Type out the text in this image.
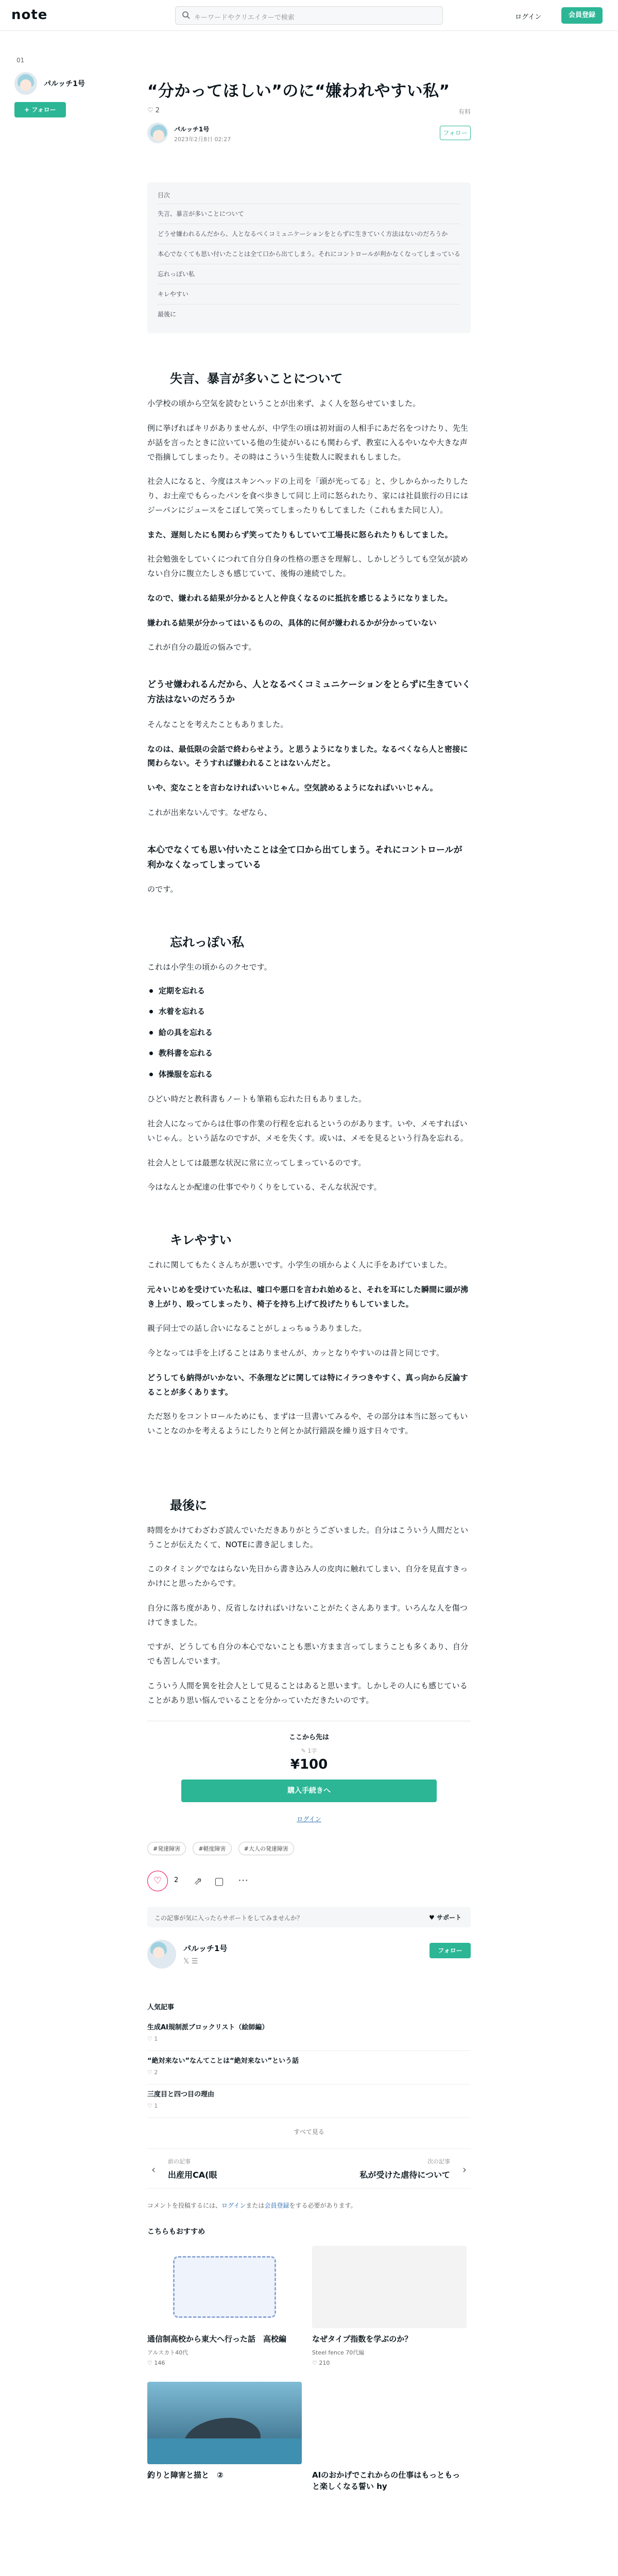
note	キーワードやクリエイターで検索	ログイン	会員登録
01
パルッチ1号
+ フォロー
“分かってほしい”のに“嫌われやすい私”
♡ 2	有料
パルッチ1号
2023年2月8日 02:27
フォロー
目次
失言、暴言が多いことについて
どうせ嫌われるんだから、人となるべくコミュニケーションをとらずに生きていく方法はないのだろうか
本心でなくても思い付いたことは全て口から出てしまう。それにコントロールが利かなくなってしまっている
忘れっぽい私
キレやすい
最後に
失言、暴言が多いことについて

小学校の頃から空気を読むということが出来ず、よく人を怒らせていました。

例に挙げればキリがありませんが、中学生の頃は初対面の人相手にあだ名をつけたり、先生が話を言ったときに泣いている他の生徒がいるにも関わらず、教室に入るやいなや大きな声で指摘してしまったり。その時はこういう生徒数人に睨まれもしました。

社会人になると、今度はスキンヘッドの上司を「頭が光ってる」と、少しからかったりしたり、お土産でもらったパンを食べ歩きして同じ上司に怒られたり、家には社員旅行の日にはジーパンにジュースをこぼして笑ってしまったりもしてました（これもまた同じ人）。

また、遅刻したにも関わらず笑ってたりもしていて工場長に怒られたりもしてました。

社会勉強をしていくにつれて自分自身の性格の悪さを理解し、しかしどうしても空気が読めない自分に腹立たしさも感じていて、後悔の連続でした。

なので、嫌われる結果が分かると人と仲良くなるのに抵抗を感じるようになりました。

嫌われる結果が分かってはいるものの、具体的に何が嫌われるかが分かっていない

これが自分の最近の悩みです。

どうせ嫌われるんだから、人となるべくコミュニケーションをとらずに生きていく方法はないのだろうか

そんなことを考えたこともありました。

なのは、最低限の会話で終わらせよう。と思うようになりました。なるべくなら人と密接に関わらない。そうすれば嫌われることはないんだと。

いや、変なことを言わなければいいじゃん。空気読めるようになればいいじゃん。

これが出来ないんです。なぜなら、

本心でなくても思い付いたことは全て口から出てしまう。それにコントロールが利かなくなってしまっている

のです。

忘れっぽい私

これは小学生の頃からのクセです。

定期を忘れる
水着を忘れる
給の具を忘れる
教科書を忘れる
体操服を忘れる

ひどい時だと教科書もノートも筆箱も忘れた日もありました。

社会人になってからは仕事の作業の行程を忘れるというのがあります。いや、メモすればいいじゃん。という話なのですが、メモを失くす。或いは、メモを見るという行為を忘れる。

社会人としては最悪な状況に常に立ってしまっているのです。

今はなんとか配達の仕事でやりくりをしている、そんな状況です。

キレやすい

これに関してもたくさんちが悪いです。小学生の頃からよく人に手をあげていました。

元々いじめを受けていた私は、嘘口や悪口を言われ始めると、それを耳にした瞬間に頭が沸き上がり、殴ってしまったり、椅子を持ち上げて投げたりもしていました。

親子同士での話し合いになることがしょっちゅうありました。

今となっては手を上げることはありませんが、カッとなりやすいのは昔と同じです。

どうしても納得がいかない、不条理などに関しては特にイラつきやすく、真っ向から反論することが多くあります。

ただ怒りをコントロールためにも、まずは一旦書いてみるや、その部分は本当に怒ってもいいことなのかを考えるようにしたりと何とか試行錯誤を繰り返す日々です。

最後に

時間をかけてわざわざ読んでいただきありがとうございました。自分はこういう人間だということが伝えたくて、NOTEに書き記しました。

このタイミングでなはらない先日から書き込み人の皮肉に触れてしまい、自分を見直すきっかけにと思ったからです。

自分に落ち度があり、反省しなければいけないことがたくさんあります。いろんな人を傷つけてきました。

ですが、どうしても自分の本心でないことも悪い方まま言ってしまうことも多くあり、自分でも苦しんでいます。

こういう人間を異を社会人として見ることはあると思います。しかしその人にも感じていることがあり思い悩んでいることを分かっていただきたいのです。

ここから先は
✎ 1字
¥100
購入手続きへ
ログイン
#発達障害	#軽度障害	#大人の発達障害
♡	2 ⇗ ▢ ⋯
この記事が気に入ったらサポートをしてみませんか？	♥ サポート
パルッチ1号	フォロー
𝕏 ☰
人気記事
生成AI規制派ブロックリスト（絵師編）
♡ 1
“絶対来ない”なんてことは“絶対来ない”という話
♡ 2
三度目と四つ目の理由
♡ 1
すべて見る
‹
前の記事
出産用CA(眼
次の記事
私が受けた虐待について ›
コメントを投稿するには、ログインまたは会員登録をする必要があります。
こちらもおすすめ
通信制高校から東大へ行った話　高校編
アルスカト40代
♡ 146
なぜタイプ指数を学ぶのか？
Steel fence 70代編
♡ 210

釣りと障害と描と　②	AIのおかげでこれからの仕事はもっともっと楽しくなる誓い hy
